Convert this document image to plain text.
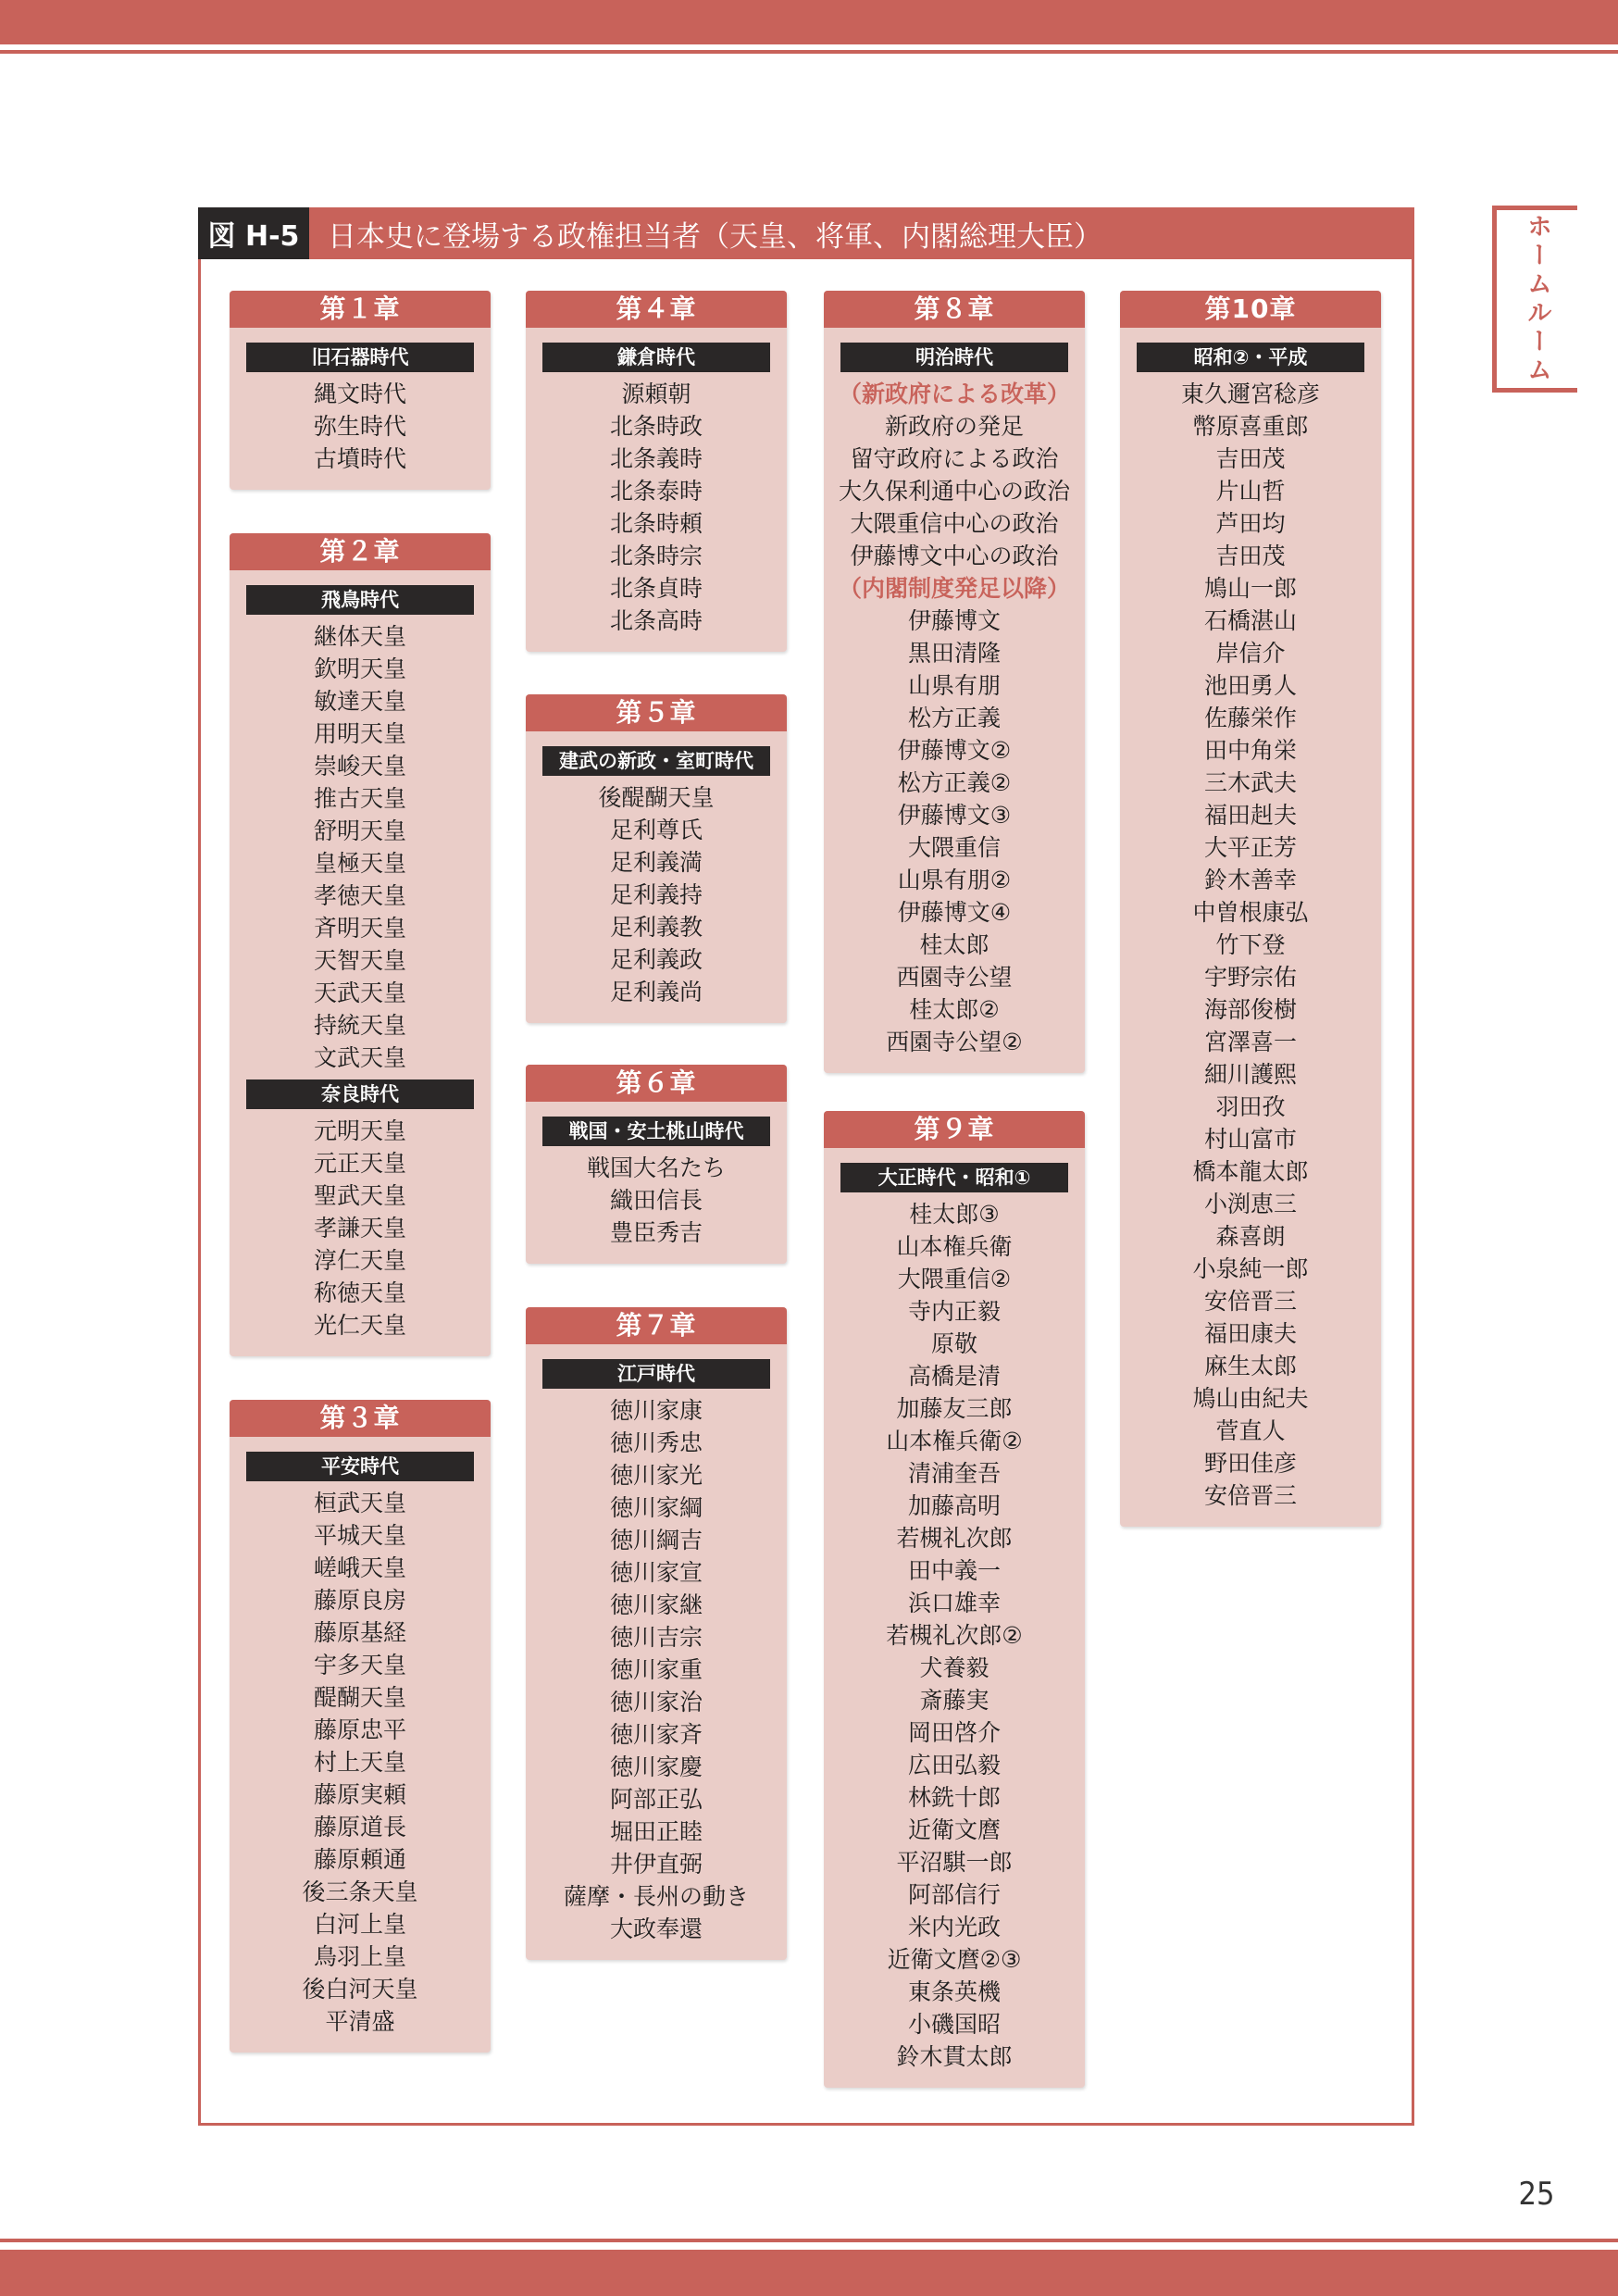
ホームルーム
図 H-5 日本史に登場する政権担当者（天皇、将軍、内閣総理大臣）
第１章
旧石器時代
縄文時代
弥生時代
古墳時代
第２章
飛鳥時代
継体天皇
欽明天皇
敏達天皇
用明天皇
崇峻天皇
推古天皇
舒明天皇
皇極天皇
孝徳天皇
斉明天皇
天智天皇
天武天皇
持統天皇
文武天皇
奈良時代
元明天皇
元正天皇
聖武天皇
孝謙天皇
淳仁天皇
称徳天皇
光仁天皇
第３章
平安時代
桓武天皇
平城天皇
嵯峨天皇
藤原良房
藤原基経
宇多天皇
醍醐天皇
藤原忠平
村上天皇
藤原実頼
藤原道長
藤原頼通
後三条天皇
白河上皇
鳥羽上皇
後白河天皇
平清盛
第４章
鎌倉時代
源頼朝
北条時政
北条義時
北条泰時
北条時頼
北条時宗
北条貞時
北条高時
第５章
建武の新政・室町時代
後醍醐天皇
足利尊氏
足利義満
足利義持
足利義教
足利義政
足利義尚
第６章
戦国・安土桃山時代
戦国大名たち
織田信長
豊臣秀吉
第７章
江戸時代
徳川家康
徳川秀忠
徳川家光
徳川家綱
徳川綱吉
徳川家宣
徳川家継
徳川吉宗
徳川家重
徳川家治
徳川家斉
徳川家慶
阿部正弘
堀田正睦
井伊直弼
薩摩・長州の動き
大政奉還
第８章
明治時代
（新政府による改革）
新政府の発足
留守政府による政治
大久保利通中心の政治
大隈重信中心の政治
伊藤博文中心の政治
（内閣制度発足以降）
伊藤博文
黒田清隆
山県有朋
松方正義
伊藤博文②
松方正義②
伊藤博文③
大隈重信
山県有朋②
伊藤博文④
桂太郎
西園寺公望
桂太郎②
西園寺公望②
第９章
大正時代・昭和①
桂太郎③
山本権兵衛
大隈重信②
寺内正毅
原敬
高橋是清
加藤友三郎
山本権兵衛②
清浦奎吾
加藤高明
若槻礼次郎
田中義一
浜口雄幸
若槻礼次郎②
犬養毅
斎藤実
岡田啓介
広田弘毅
林銑十郎
近衛文麿
平沼騏一郎
阿部信行
米内光政
近衛文麿②③
東条英機
小磯国昭
鈴木貫太郎
第10章
昭和②・平成
東久邇宮稔彦
幣原喜重郎
吉田茂
片山哲
芦田均
吉田茂
鳩山一郎
石橋湛山
岸信介
池田勇人
佐藤栄作
田中角栄
三木武夫
福田赳夫
大平正芳
鈴木善幸
中曽根康弘
竹下登
宇野宗佑
海部俊樹
宮澤喜一
細川護熙
羽田孜
村山富市
橋本龍太郎
小渕恵三
森喜朗
小泉純一郎
安倍晋三
福田康夫
麻生太郎
鳩山由紀夫
菅直人
野田佳彦
安倍晋三
25
